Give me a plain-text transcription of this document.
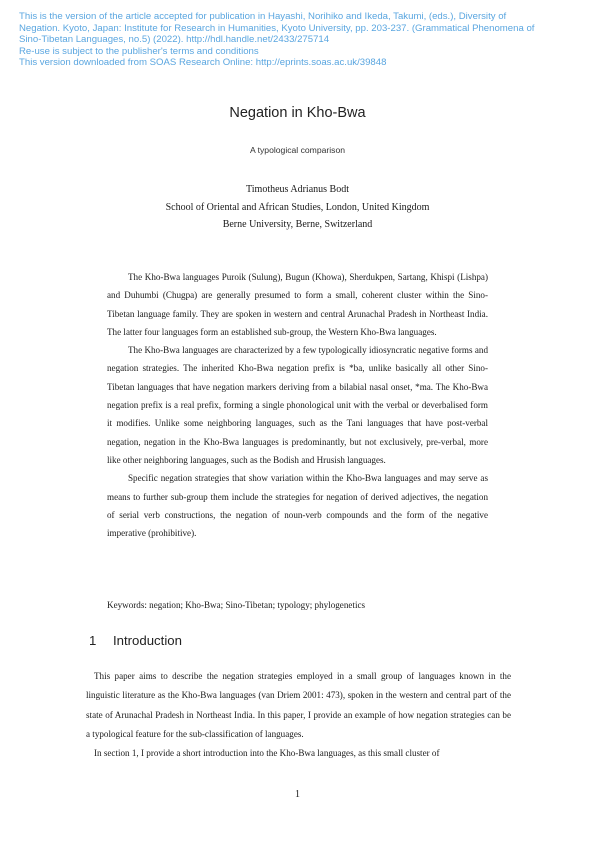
This is the version of the article accepted for publication in Hayashi, Norihiko and Ikeda, Takumi, (eds.), Diversity of
Negation. Kyoto, Japan: Institute for Research in Humanities, Kyoto University, pp. 203-237. (Grammatical Phenomena of
Sino-Tibetan Languages, no.5) (2022). http://hdl.handle.net/2433/275714
Re-use is subject to the publisher's terms and conditions
This version downloaded from SOAS Research Online: http://eprints.soas.ac.uk/39848
Negation in Kho-Bwa
A typological comparison
Timotheus Adrianus Bodt
School of Oriental and African Studies, London, United Kingdom
Berne University, Berne, Switzerland

The Kho-Bwa languages Puroik (Sulung), Bugun (Khowa), Sherdukpen, Sartang, Khispi (Lishpa) and Duhumbi (Chugpa) are generally presumed to form a small, coherent cluster within the Sino-Tibetan language family. They are spoken in western and central Arunachal Pradesh in Northeast India. The latter four languages form an established sub-group, the Western Kho-Bwa languages.

The Kho-Bwa languages are characterized by a few typologically idiosyncratic negative forms and negation strategies. The inherited Kho-Bwa negation prefix is *ba, unlike basically all other Sino-Tibetan languages that have negation markers deriving from a bilabial nasal onset, *ma. The Kho-Bwa negation prefix is a real prefix, forming a single phonological unit with the verbal or deverbalised form it modifies. Unlike some neighboring languages, such as the Tani languages that have post-verbal negation, negation in the Kho-Bwa languages is predominantly, but not exclusively, pre-verbal, more like other neighboring languages, such as the Bodish and Hrusish languages.

Specific negation strategies that show variation within the Kho-Bwa languages and may serve as means to further sub-group them include the strategies for negation of derived adjectives, the negation of serial verb constructions, the negation of noun-verb compounds and the form of the negative imperative (prohibitive).

Keywords: negation; Kho-Bwa; Sino-Tibetan; typology; phylogenetics
1 Introduction

This paper aims to describe the negation strategies employed in a small group of languages known in the linguistic literature as the Kho-Bwa languages (van Driem 2001: 473), spoken in the western and central part of the state of Arunachal Pradesh in Northeast India. In this paper, I provide an example of how negation strategies can be a typological feature for the sub-classification of languages.

In section 1, I provide a short introduction into the Kho-Bwa languages, as this small cluster of

1
